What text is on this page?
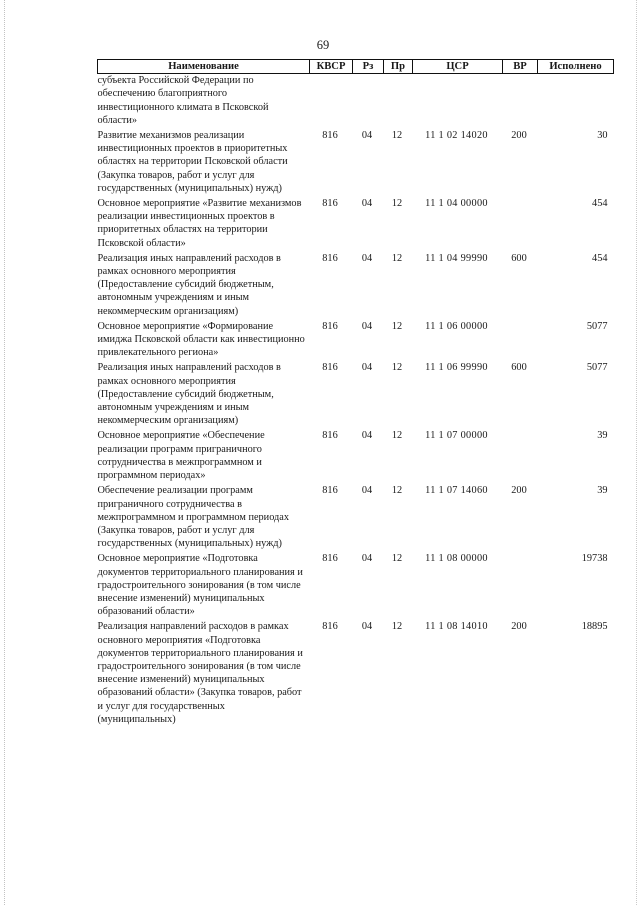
69
Наименование	КВСР	Рз	Пр	ЦСР	ВР	Исполнено
субъекта Российской Федерации по обеспечению благоприятного инвестиционного климата в Псковской области»						
Развитие механизмов реализации инвестиционных проектов в приоритетных областях на территории Псковской области (Закупка товаров, работ и услуг для государственных (муниципальных) нужд)	816	04	12	11 1 02 14020	200	30
Основное мероприятие «Развитие механизмов реализации инвестиционных проектов в приоритетных областях на территории Псковской области»	816	04	12	11 1 04 00000		454
Реализация иных направлений расходов в рамках основного мероприятия (Предоставление субсидий бюджетным, автономным учреждениям и иным некоммерческим организациям)	816	04	12	11 1 04 99990	600	454
Основное мероприятие «Формирование имиджа Псковской области как инвестиционно привлекательного региона»	816	04	12	11 1 06 00000		5077
Реализация иных направлений расходов в рамках основного мероприятия (Предоставление субсидий бюджетным, автономным учреждениям и иным некоммерческим организациям)	816	04	12	11 1 06 99990	600	5077
Основное мероприятие «Обеспечение реализации программ приграничного сотрудничества в межпрограммном и программном периодах»	816	04	12	11 1 07 00000		39
Обеспечение реализации программ приграничного сотрудничества в межпрограммном и программном периодах (Закупка товаров, работ и услуг для государственных (муниципальных) нужд)	816	04	12	11 1 07 14060	200	39
Основное мероприятие «Подготовка документов территориального планирования и градостроительного зонирования (в том числе внесение изменений) муниципальных образований области»	816	04	12	11 1 08 00000		19738
Реализация направлений расходов в рамках основного мероприятия «Подготовка документов территориального планирования и градостроительного зонирования (в том числе внесение изменений) муниципальных образований области» (Закупка товаров, работ и услуг для государственных (муниципальных)	816	04	12	11 1 08 14010	200	18895
